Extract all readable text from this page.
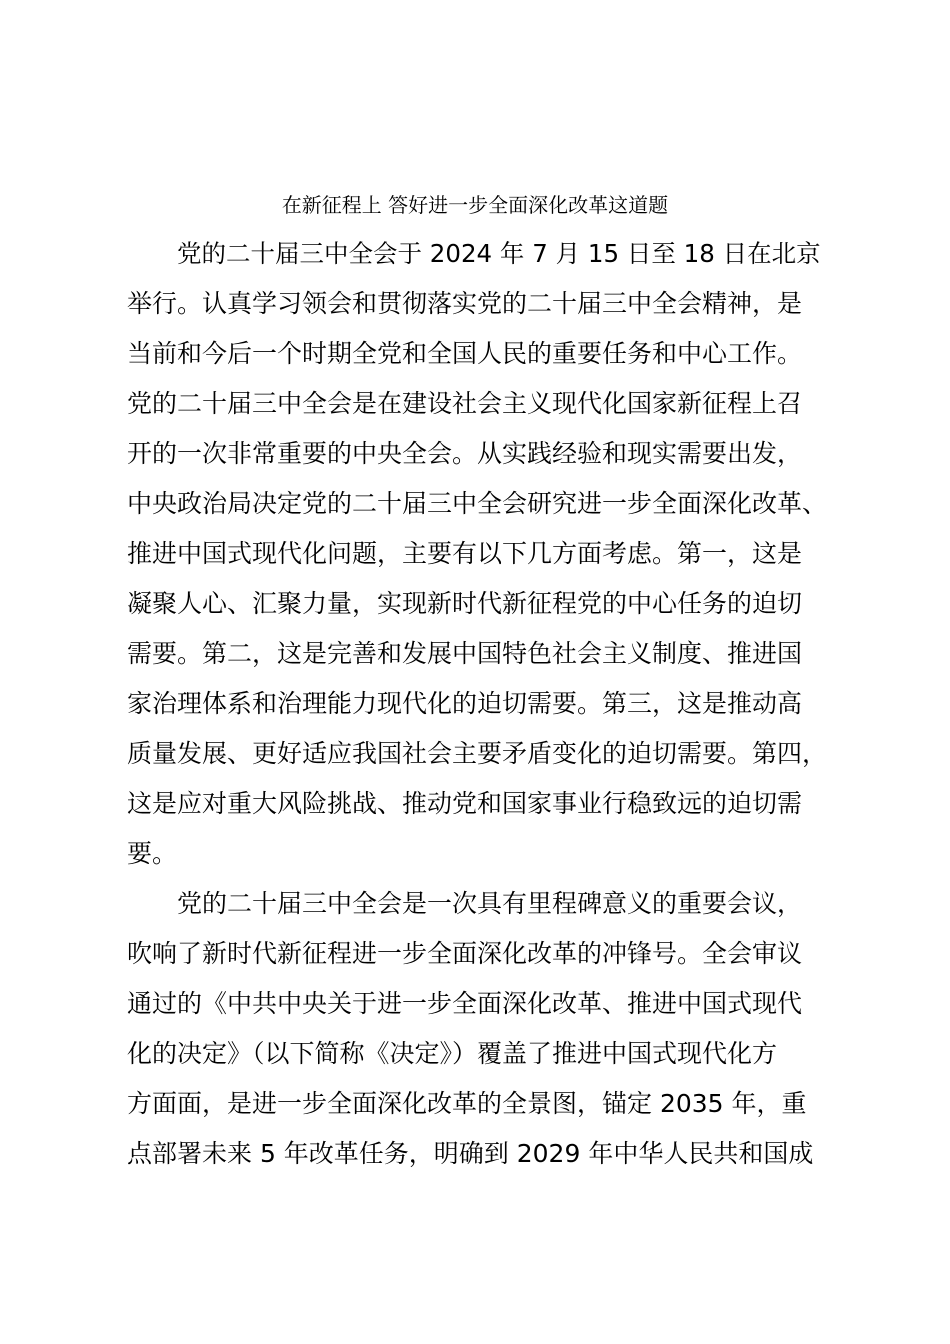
在新征程上 答好进一步全面深化改革这道题
党的二十届三中全会于 2024 年 7 月 15 日至 18 日在北京
举行。认真学习领会和贯彻落实党的二十届三中全会精神，是
当前和今后一个时期全党和全国人民的重要任务和中心工作。
党的二十届三中全会是在建设社会主义现代化国家新征程上召
开的一次非常重要的中央全会。从实践经验和现实需要出发，
中央政治局决定党的二十届三中全会研究进一步全面深化改革、
推进中国式现代化问题，主要有以下几方面考虑。第一，这是
凝聚人心、汇聚力量，实现新时代新征程党的中心任务的迫切
需要。第二，这是完善和发展中国特色社会主义制度、推进国
家治理体系和治理能力现代化的迫切需要。第三，这是推动高
质量发展、更好适应我国社会主要矛盾变化的迫切需要。第四，
这是应对重大风险挑战、推动党和国家事业行稳致远的迫切需
要。
党的二十届三中全会是一次具有里程碑意义的重要会议，
吹响了新时代新征程进一步全面深化改革的冲锋号。全会审议
通过的《中共中央关于进一步全面深化改革、推进中国式现代
化的决定》（以下简称《决定》）覆盖了推进中国式现代化方
方面面，是进一步全面深化改革的全景图，锚定 2035 年，重
点部署未来 5 年改革任务，明确到 2029 年中华人民共和国成
